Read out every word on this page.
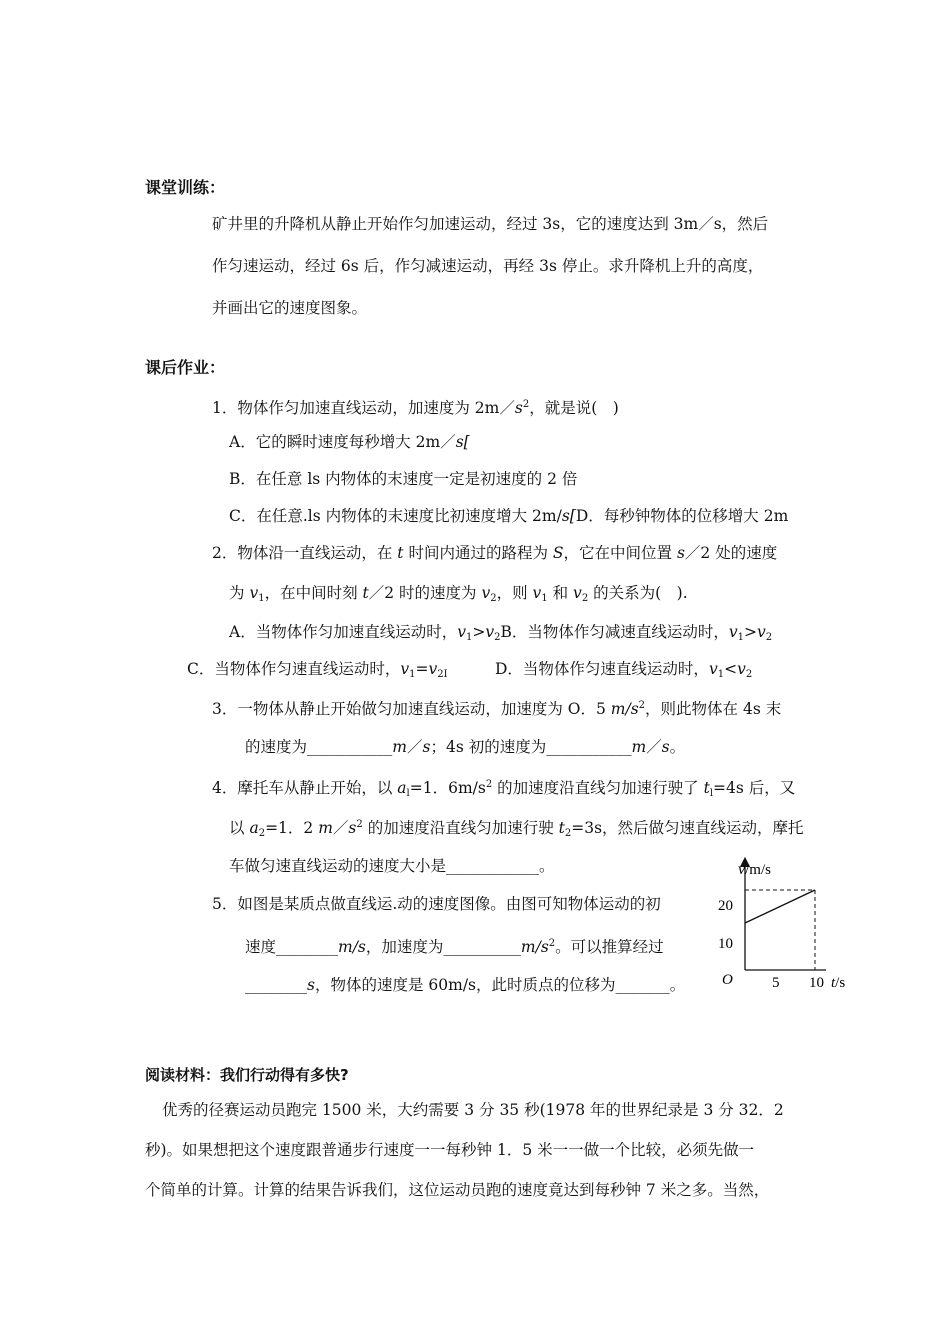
课堂训练：
矿井里的升降机从静止开始作匀加速运动，经过 3s，它的速度达到 3m／s，然后
作匀速运动，经过 6s 后，作匀减速运动，再经 3s 停止。求升降机上升的高度，
并画出它的速度图象。
课后作业：
1．物体作匀加速直线运动，加速度为 $2m/s^2$，就是说(　)
A．它的瞬时速度每秒增大 2m／s[
B．在任意 ls 内物体的末速度一定是初速度的 2 倍
C．在任意.ls 内物体的末速度比初速度增大 2m/s[D．每秒钟物体的位移增大 2m
2．物体沿一直线运动，在 t 时间内通过的路程为 S，它在中间位置 s／2 处的速度
为 $v_1$，在中间时刻 t／2 时的速度为 $v_2$，则 $v_1$ 和 $v_2$ 的关系为(　).
A．当物体作匀加速直线运动时，$v_1>v_2B$．当物体作匀减速直线运动时，$v_1>v_2$
C．当物体作匀速直线运动时，$v_1=v_{2I}$	D．当物体作匀速直线运动时，$v_1<v_2$
3．一物体从静止开始做匀加速直线运动，加速度为 O．5 $m/s^2$，则此物体在 4s 末
的速度为___________m／s；4s 初的速度为___________m／s。
4．摩托车从静止开始，以 $a_l=1$．$6m/s^2$ 的加速度沿直线匀加速行驶了 $t_l=4s$ 后，又
以 $a_2=1$．2 $m/s^2$ 的加速度沿直线匀加速行驶 $t_2=3s$，然后做匀速直线运动，摩托
车做匀速直线运动的速度大小是____________。
5．如图是某质点做直线运.动的速度图像。由图可知物体运动的初
速度________m/s，加速度为$\_\_\_\_\_\_\_\_\_\_m/s^2$。可以推算经过
________s，物体的速度是 60m/s，此时质点的位移为_______。
v/m/s
20
10
O	5 10 t/s
阅读材料：我们行动得有多快?
优秀的径赛运动员跑完 1500 米，大约需要 3 分 35 秒(1978 年的世界纪录是 3 分 32．2
秒)。如果想把这个速度跟普通步行速度一一每秒钟 1．5 米一一做一个比较，必须先做一
个简单的计算。计算的结果告诉我们，这位运动员跑的速度竟达到每秒钟 7 米之多。当然，
